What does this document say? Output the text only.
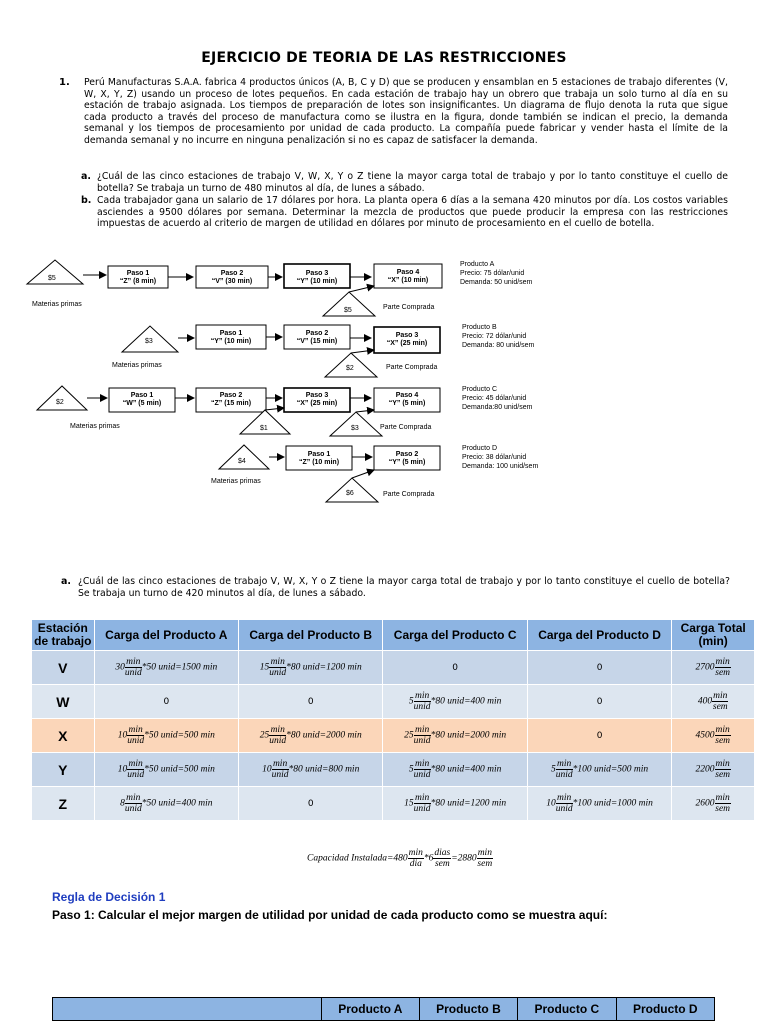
EJERCICIO DE TEORIA DE LAS RESTRICCIONES
1. Perú Manufacturas S.A.A. fabrica 4 productos únicos (A, B, C y D) que se producen y ensamblan en 5 estaciones de trabajo diferentes (V, W, X, Y, Z) usando un proceso de lotes pequeños. En cada estación de trabajo hay un obrero que trabaja un solo turno al día en su estación de trabajo asignada. Los tiempos de preparación de lotes son insignificantes. Un diagrama de flujo denota la ruta que sigue cada producto a través del proceso de manufactura como se ilustra en la figura, donde también se indican el precio, la demanda semanal y los tiempos de procesamiento por unidad de cada producto. La compañía puede fabricar y vender hasta el límite de la demanda semanal y no incurre en ninguna penalización si no es capaz de satisfacer la demanda.
a. ¿Cuál de las cinco estaciones de trabajo V, W, X, Y o Z tiene la mayor carga total de trabajo y por lo tanto constituye el cuello de botella? Se trabaja un turno de 480 minutos al día, de lunes a sábado.
b. Cada trabajador gana un salario de 17 dólares por hora. La planta opera 6 días a la semana 420 minutos por día. Los costos variables asciendes a 9500 dólares por semana. Determinar la mezcla de productos que puede producir la empresa con las restricciones impuestas de acuerdo al criterio de margen de utilidad en dólares por minuto de procesamiento en el cuello de botella.
$5
Materias primas
Paso 1
“Z” (8 min)
Paso 2
“V” (30 min)
Paso 3
“Y” (10 min)
Paso 4
“X” (10 min)
$5	Parte Comprada
Producto A
Precio: 75 dólar/unid
Demanda: 50 unid/sem
$3
Materias primas
Paso 1
“Y” (10 min)
Paso 2
“V” (15 min)
Paso 3
“X” (25 min)
$2	Parte Comprada
Producto B
Precio: 72 dólar/unid
Demanda: 80 unid/sem
$2
Materias primas
Paso 1
“W” (5 min)
Paso 2
“Z” (15 min)
Paso 3
“X” (25 min)
Paso 4
“Y” (5 min)
$1	$3	Parte Comprada
Producto C
Precio: 45 dólar/unid
Demanda:80 unid/sem
$4
Materias primas
Paso 1
“Z” (10 min)
Paso 2
“Y” (5 min)
$6	Parte Comprada
Producto D
Precio: 38 dólar/unid
Demanda: 100 unid/sem
a. ¿Cuál de las cinco estaciones de trabajo V, W, X, Y o Z tiene la mayor carga total de trabajo y por lo tanto constituye el cuello de botella? Se trabaja un turno de 420 minutos al día, de lunes a sábado.
Estación de trabajo	Carga del Producto A	Carga del Producto B	Carga del Producto C	Carga del Producto D	Carga Total (min)
V	$30 \frac{\min}{\text{unid}} *50$ unid=1500 min	$15 \frac{\min}{\text{unid}} *80$ unid=1200 min	0	0	$2700 \frac{\min}{\text{sem}}$

W	0	0	$5 \frac{\min}{\text{unid}} *80$ unid=400 min	0	$400 \frac{\min}{\text{sem}}$

X	$10 \frac{\min}{\text{unid}} *50$ unid=500 min	$25 \frac{\min}{\text{unid}} *80$ unid=2000 min	$25 \frac{\min}{\text{unid}} *80$ unid=2000 min	0	$4500 \frac{\min}{\text{sem}}$

Y	$10 \frac{\min}{\text{unid}} *50$ unid=500 min	$10 \frac{\min}{\text{unid}} *80$ unid=800 min	$5 \frac{\min}{\text{unid}} *80$ unid=400 min	$5 \frac{\min}{\text{unid}} *100$ unid=500 min	$2200 \frac{\min}{\text{sem}}$

Z	$8 \frac{\min}{\text{unid}} *50$ unid=400 min	0	$15 \frac{\min}{\text{unid}} *80$ unid=1200 min	$10 \frac{\min}{\text{unid}} *100$ unid=1000 min	$2600 \frac{\min}{\text{sem}}$
Capacidad Instalada=480 $\frac{\min}{\text{dia}} *6 \frac{\text{dias}}{\text{sem}} =2880 \frac{\min}{\text{sem}}$
Regla de Decisión 1
Paso 1: Calcular el mejor margen de utilidad por unidad de cada producto como se muestra aquí:
	Producto A	Producto B	Producto C	Producto D
